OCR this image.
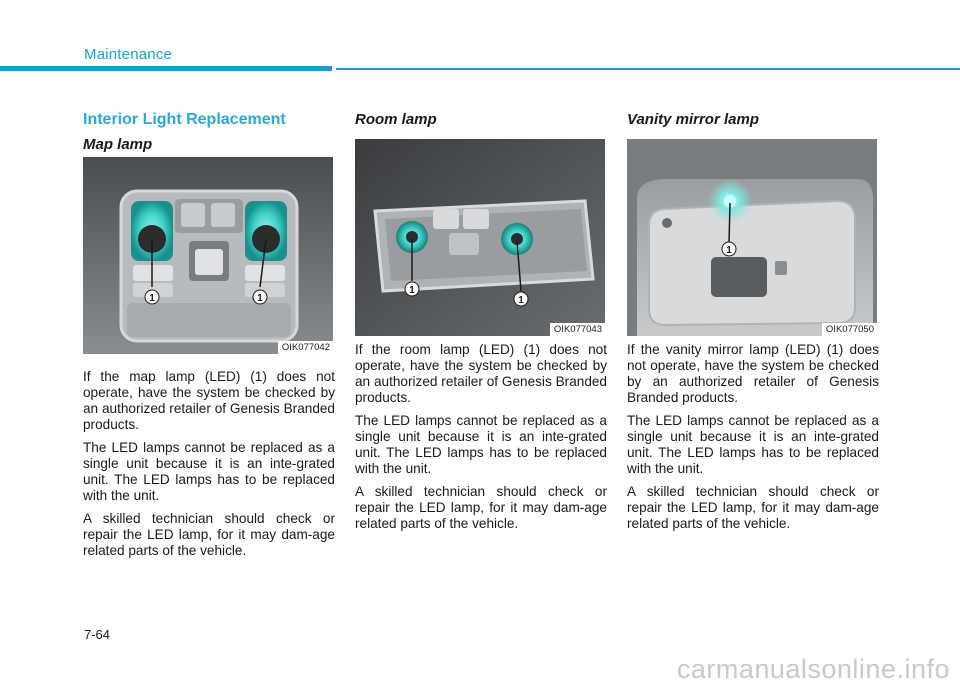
Maintenance
Interior Light Replacement
Map lamp
1	1
OIK077042

If the map lamp (LED) (1) does not operate, have the system be checked by an authorized retailer of Genesis Branded products.

The LED lamps cannot be replaced as a single unit because it is an inte-grated unit. The LED lamps has to be replaced with the unit.

A skilled technician should check or repair the LED lamp, for it may dam-age related parts of the vehicle.

Room lamp
1
1
OIK077043

If the room lamp (LED) (1) does not operate, have the system be checked by an authorized retailer of Genesis Branded products.

The LED lamps cannot be replaced as a single unit because it is an inte-grated unit. The LED lamps has to be replaced with the unit.

A skilled technician should check or repair the LED lamp, for it may dam-age related parts of the vehicle.

Vanity mirror lamp
1
OIK077050

If the vanity mirror lamp (LED) (1) does not operate, have the system be checked by an authorized retailer of Genesis Branded products.

The LED lamps cannot be replaced as a single unit because it is an inte-grated unit. The LED lamps has to be replaced with the unit.

A skilled technician should check or repair the LED lamp, for it may dam-age related parts of the vehicle.

7-64
carmanualsonline.info
